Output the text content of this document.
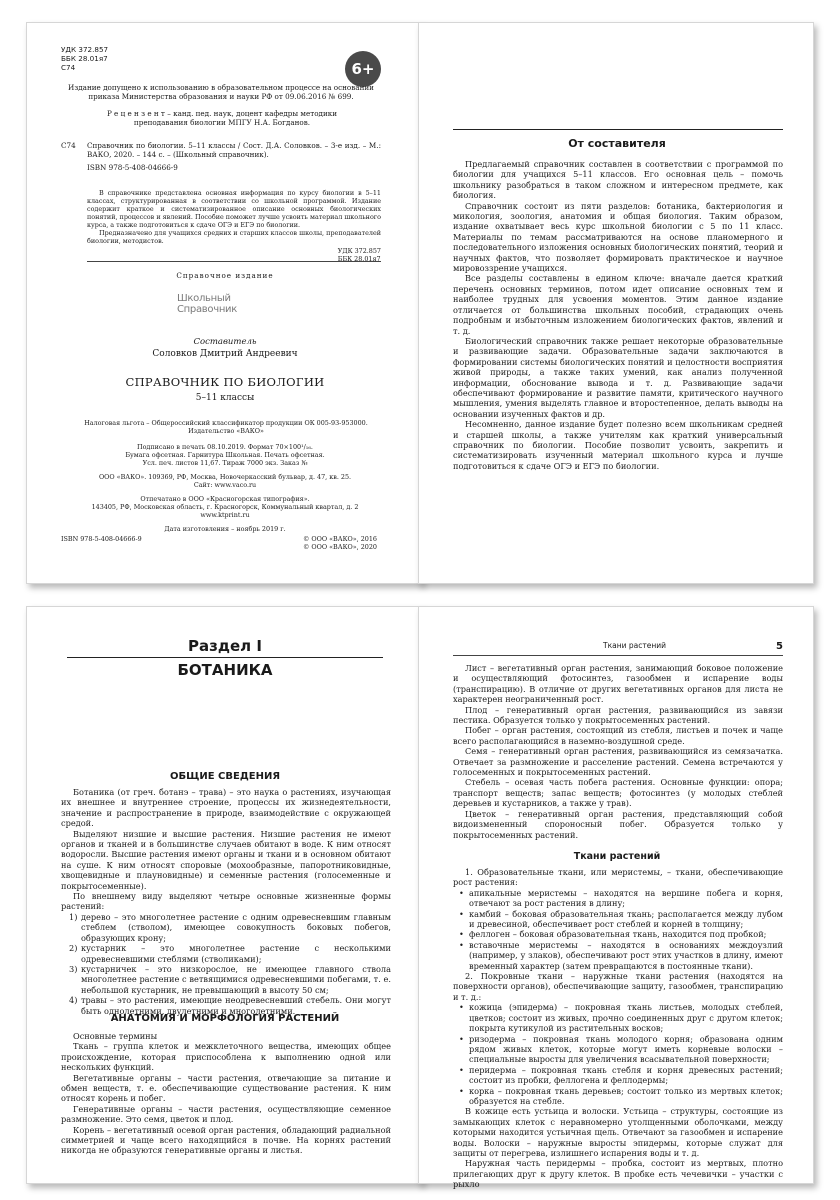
УДК 372.857
ББК 28.01я7
С74	6+
Издание допущено к использованию в образовательном процессе на основании приказа Министерства образования и науки РФ от 09.06.2016 № 699.
Р е ц е н з е н т – канд. пед. наук, доцент кафедры методики преподавания биологии МПГУ Н.А. Богданов.
С74	Справочник по биологии. 5–11 классы / Сост. Д.А. Соловков. – 3-е изд. – М.: ВАКО, 2020. – 144 с. – (Школьный справочник).
ISBN 978-5-408-04666-9
В справочнике представлена основная информация по курсу биологии в 5–11 классах, структурированная в соответствии со школьной программой. Издание содержит краткое и систематизированное описание основных биологических понятий, процессов и явлений. Пособие поможет лучше усвоить материал школьного курса, а также подготовиться к сдаче ОГЭ и ЕГЭ по биологии.
Предназначено для учащихся средних и старших классов школы, преподавателей биологии, методистов.
УДК 372.857
ББК 28.01я7
Справочное издание
Школьный
Справочник
Составитель
Соловков Дмитрий Андреевич
СПРАВОЧНИК ПО БИОЛОГИИ
5–11 классы
Налоговая льгота – Общероссийский классификатор продукции ОК 005-93-953000. Издательство «ВАКО»
Подписано в печать 08.10.2019. Формат 70×100¹/₁₆.
Бумага офсетная. Гарнитура Школьная. Печать офсетная.
Усл. печ. листов 11,67. Тираж 7000 экз. Заказ №
ООО «ВАКО». 109369, РФ, Москва, Новочеркасский бульвар, д. 47, кв. 25.
Сайт: www.vaco.ru
Отпечатано в ООО «Красногорская типография».
143405, РФ, Московская область, г. Красногорск, Коммунальный квартал, д. 2
www.ktprint.ru
Дата изготовления – ноябрь 2019 г.
ISBN 978-5-408-04666-9	© ООО «ВАКО», 2016
© ООО «ВАКО», 2020
От составителя

Предлагаемый справочник составлен в соответствии с программой по биологии для учащихся 5–11 классов. Его основная цель – помочь школьнику разобраться в таком сложном и интересном предмете, как биология.

Справочник состоит из пяти разделов: ботаника, бактериология и микология, зоология, анатомия и общая биология. Таким образом, издание охватывает весь курс школьной биологии с 5 по 11 класс. Материалы по темам рассматриваются на основе планомерного и последовательного изложения основных биологических понятий, теорий и научных фактов, что позволяет формировать практическое и научное мировоззрение учащихся.

Все разделы составлены в едином ключе: вначале дается краткий перечень основных терминов, потом идет описание основных тем и наиболее трудных для усвоения моментов. Этим данное издание отличается от большинства школьных пособий, страдающих очень подробным и избыточным изложением биологических фактов, явлений и т. д.

Биологический справочник также решает некоторые образовательные и развивающие задачи. Образовательные задачи заключаются в формировании системы биологических понятий и целостности восприятия живой природы, а также таких умений, как анализ полученной информации, обоснование вывода и т. д. Развивающие задачи обеспечивают формирование и развитие памяти, критического научного мышления, умения выделять главное и второстепенное, делать выводы на основании изученных фактов и др.

Несомненно, данное издание будет полезно всем школьникам средней и старшей школы, а также учителям как краткий универсальный справочник по биологии. Пособие позволит усвоить, закрепить и систематизировать изученный материал школьного курса и лучше подготовиться к сдаче ОГЭ и ЕГЭ по биологии.

Раздел I
БОТАНИКА
ОБЩИЕ СВЕДЕНИЯ

Ботаника (от греч. ботанэ – трава) – это наука о растениях, изучающая их внешнее и внутреннее строение, процессы их жизнедеятельности, значение и распространение в природе, взаимодействие с окружающей средой.

Выделяют низшие и высшие растения. Низшие растения не имеют органов и тканей и в большинстве случаев обитают в воде. К ним относят водоросли. Высшие растения имеют органы и ткани и в основном обитают на суше. К ним относят споровые (мохообразные, папоротниковидные, хвощевидные и плауновидные) и семенные растения (голосеменные и покрытосеменные).

По внешнему виду выделяют четыре основные жизненные формы растений:

1) дерево – это многолетнее растение с одним одревесневшим главным стеблем (стволом), имеющее совокупность боковых побегов, образующих крону;
2) кустарник – это многолетнее растение с несколькими одревесневшими стеблями (стволиками);
3) кустарничек – это низкорослое, не имеющее главного ствола многолетнее растение с ветвящимися одревесневшими побегами, т. е. небольшой кустарник, не превышающий в высоту 50 см;
4) травы – это растения, имеющие неодревесневший стебель. Они могут быть однолетними, двулетними и многолетними.
АНАТОМИЯ И МОРФОЛОГИЯ РАСТЕНИЙ

Основные термины

Ткань – группа клеток и межклеточного вещества, имеющих общее происхождение, которая приспособлена к выполнению одной или нескольких функций.

Вегетативные органы – части растения, отвечающие за питание и обмен веществ, т. е. обеспечивающие существование растения. К ним относят корень и побег.

Генеративные органы – части растения, осуществляющие семенное размножение. Это семя, цветок и плод.

Корень – вегетативный осевой орган растения, обладающий радиальной симметрией и чаще всего находящийся в почве. На корнях растений никогда не образуются генеративные органы и листья.

Ткани растений	5

Лист – вегетативный орган растения, занимающий боковое положение и осуществляющий фотосинтез, газообмен и испарение воды (транспирацию). В отличие от других вегетативных органов для листа не характерен неограниченный рост.

Плод – генеративный орган растения, развивающийся из завязи пестика. Образуется только у покрытосеменных растений.

Побег – орган растения, состоящий из стебля, листьев и почек и чаще всего располагающийся в наземно-воздушной среде.

Семя – генеративный орган растения, развивающийся из семязачатка. Отвечает за размножение и расселение растений. Семена встречаются у голосеменных и покрытосеменных растений.

Стебель – осевая часть побега растения. Основные функции: опора; транспорт веществ; запас веществ; фотосинтез (у молодых стеблей деревьев и кустарников, а также у трав).

Цветок – генеративный орган растения, представляющий собой видоизмененный спороносный побег. Образуется только у покрытосеменных растений.

Ткани растений

1. Образовательные ткани, или меристемы, – ткани, обеспечивающие рост растения:

• апикальные меристемы – находятся на вершине побега и корня, отвечают за рост растения в длину;
• камбий – боковая образовательная ткань; располагается между лубом и древесиной, обеспечивает рост стеблей и корней в толщину;
• феллоген – боковая образовательная ткань, находится под пробкой;
• вставочные меристемы – находятся в основаниях междоузлий (например, у злаков), обеспечивают рост этих участков в длину, имеют временный характер (затем превращаются в постоянные ткани).

2. Покровные ткани – наружные ткани растения (находятся на поверхности органов), обеспечивающие защиту, газообмен, транспирацию и т. д.:

• кожица (эпидерма) – покровная ткань листьев, молодых стеблей, цветков; состоит из живых, прочно соединенных друг с другом клеток; покрыта кутикулой из растительных восков;
• ризодерма – покровная ткань молодого корня; образована одним рядом живых клеток, которые могут иметь корневые волоски – специальные выросты для увеличения всасывательной поверхности;
• перидерма – покровная ткань стебля и корня древесных растений; состоит из пробки, феллогена и феллодермы;
• корка – покровная ткань деревьев; состоит только из мертвых клеток; образуется на стебле.

В кожице есть устьица и волоски. Устьица – структуры, состоящие из замыкающих клеток с неравномерно утолщенными оболочками, между которыми находится устьичная щель. Отвечают за газообмен и испарение воды. Волоски – наружные выросты эпидермы, которые служат для защиты от перегрева, излишнего испарения воды и т. д.

Наружная часть перидермы – пробка, состоит из мертвых, плотно прилегающих друг к другу клеток. В пробке есть чечевички – участки с рыхло
